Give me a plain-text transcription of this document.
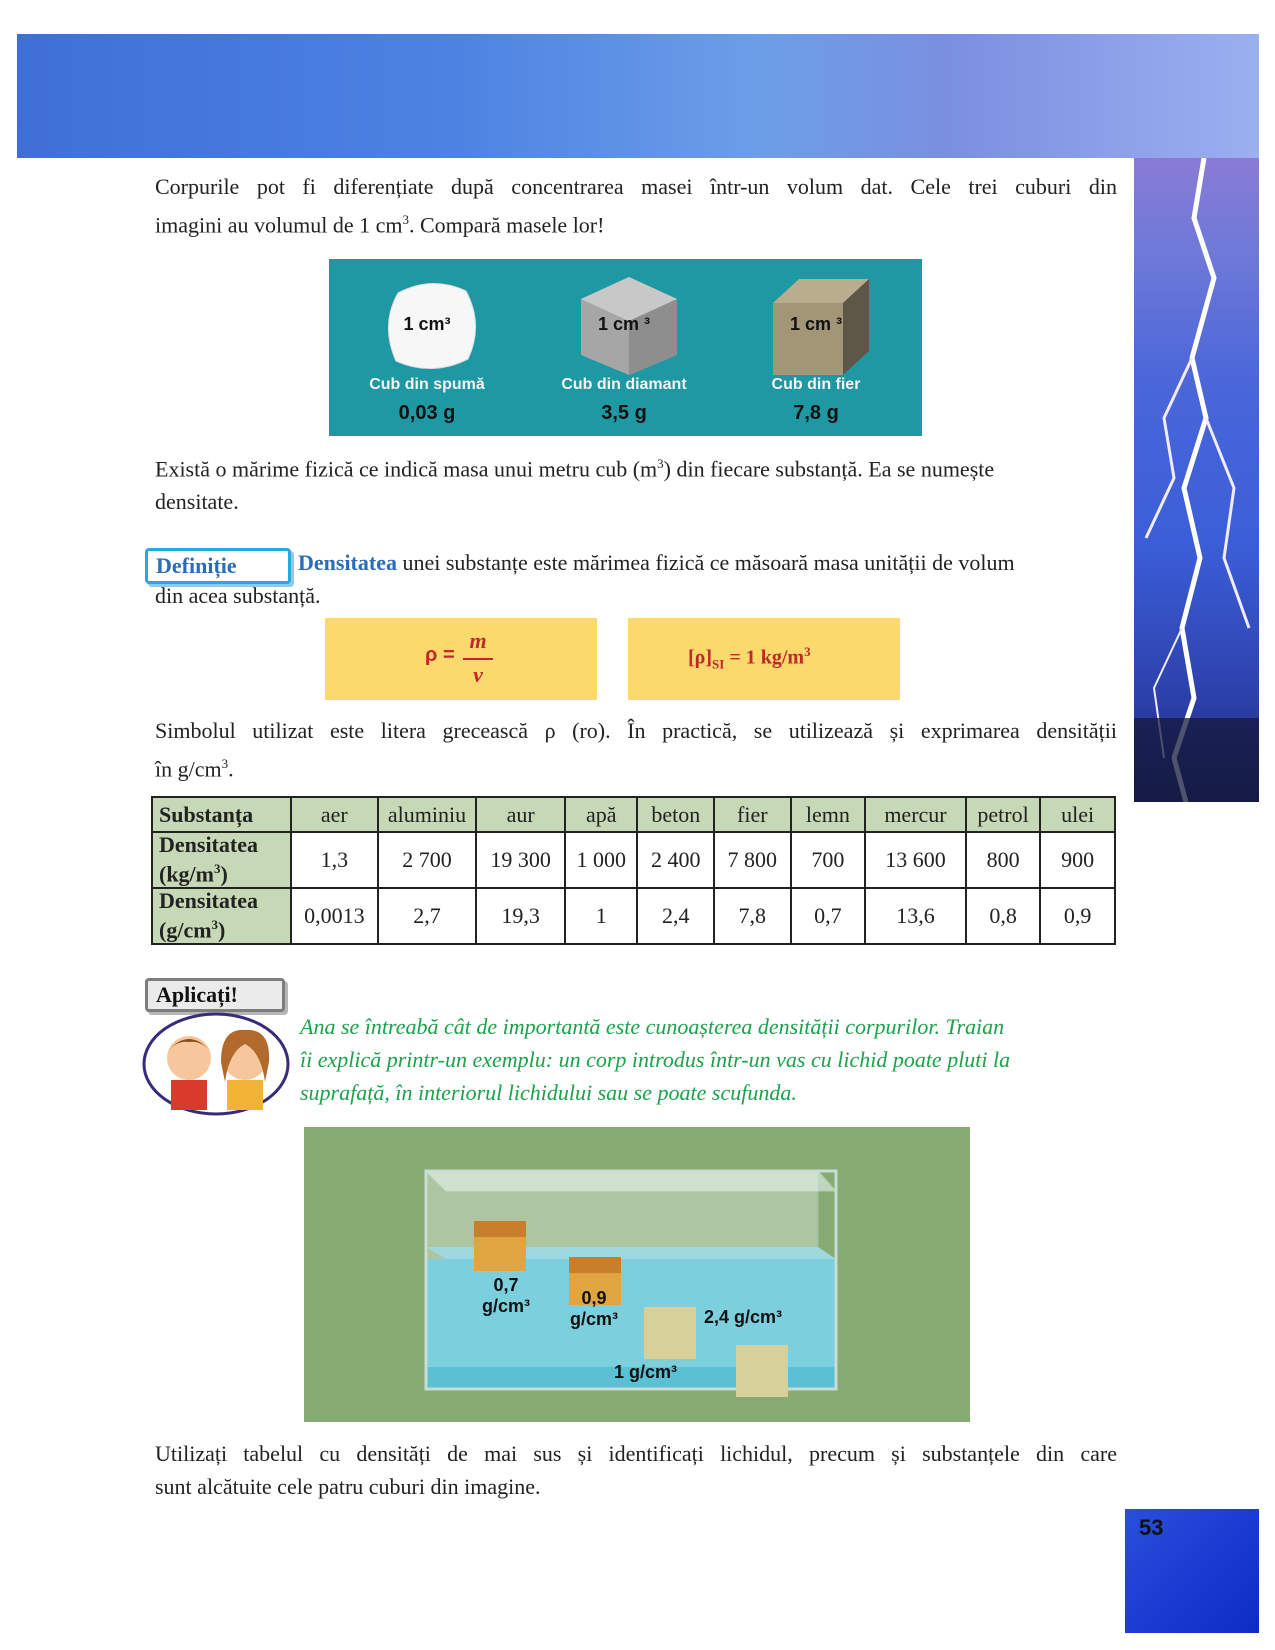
Corpurile pot fi diferențiate după concentrarea masei într-un volum dat. Cele trei cuburi din
imagini au volumul de 1 $cm^3$. Compară masele lor!
1 cm³
Cub din spumă
0,03 g
1 cm ³
Cub din diamant
3,5 g
1 cm ³
Cub din fier
7,8 g
Există o mărime fizică ce indică masa unui metru cub $(m^3)$ din fiecare substanță. Ea se numește
densitate.
Definiție	Densitatea unei substanțe este mărimea fizică ce măsoară masa unității de volum
din acea substanță.
ρ =
m
v
$[\rho]_{SI} = 1$ $kg/m^3$
Simbolul utilizat este litera grecească ρ (ro). În practică, se utilizează și exprimarea densității
în $g/cm^3$.
Substanța	aer	aluminiu	aur	apă	beton	fier	lemn	mercur	petrol	ulei
Densitatea
$(kg/m^3)$	1,3	2 700	19 300	1 000	2 400	7 800	700	13 600	800	900
Densitatea
$(g/cm^3)$	0,0013	2,7	19,3	1	2,4	7,8	0,7	13,6	0,8	0,9
Aplicați!
Ana se întreabă cât de importantă este cunoașterea densității corpurilor. Traian
îi explică printr-un exemplu: un corp introdus într-un vas cu lichid poate pluti la
suprafață, în interiorul lichidului sau se poate scufunda.
0,7
g/cm³	0,9
g/cm³
1 g/cm³
2,4 g/cm³
Utilizați tabelul cu densități de mai sus și identificați lichidul, precum și substanțele din care
sunt alcătuite cele patru cuburi din imagine.
53
